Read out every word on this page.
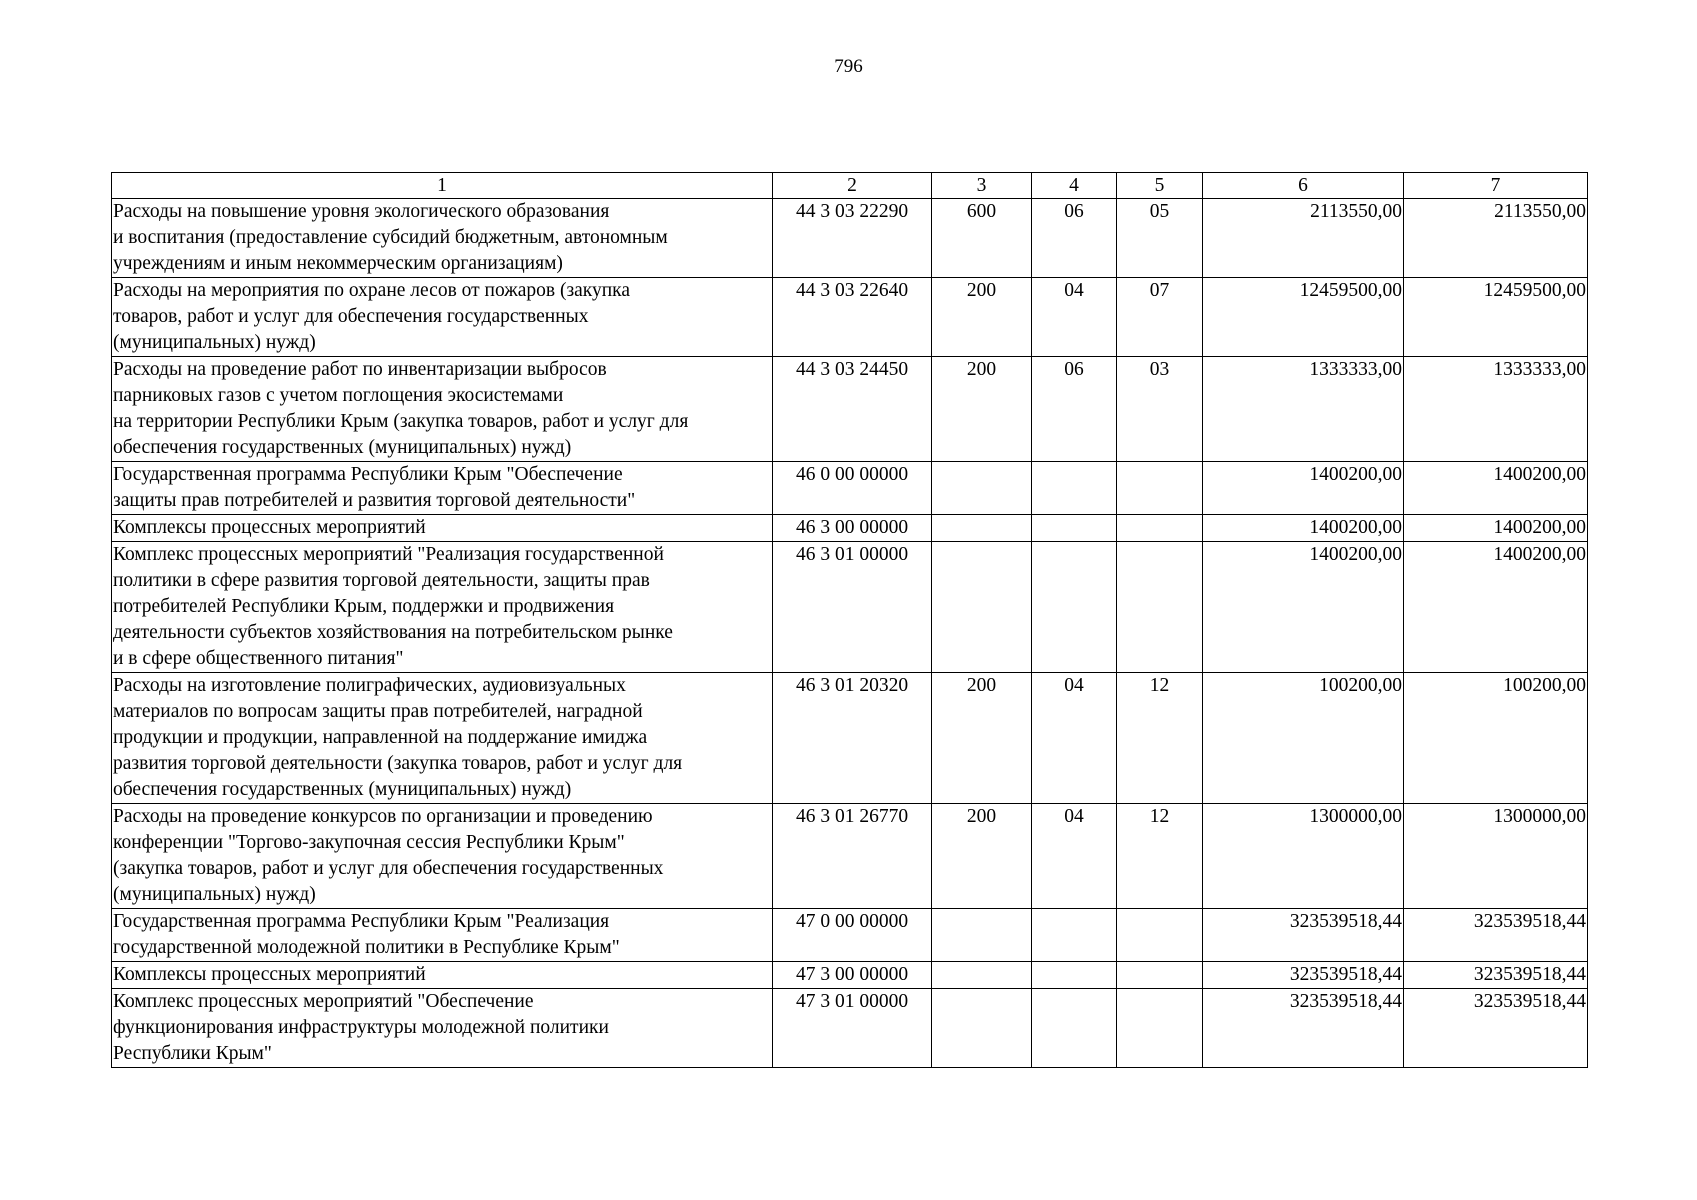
796
1	2	3	4	5	6	7
Расходы на повышение уровня экологического образования
и воспитания (предоставление субсидий бюджетным, автономным
учреждениям и иным некоммерческим организациям)	44 3 03 22290	600	06	05	2113550,00	2113550,00
Расходы на мероприятия по охране лесов от пожаров (закупка
товаров, работ и услуг для обеспечения государственных
(муниципальных) нужд)	44 3 03 22640	200	04	07	12459500,00	12459500,00
Расходы на проведение работ по инвентаризации выбросов
парниковых газов с учетом поглощения экосистемами
на территории Республики Крым (закупка товаров, работ и услуг для
обеспечения государственных (муниципальных) нужд)	44 3 03 24450	200	06	03	1333333,00	1333333,00
Государственная программа Республики Крым "Обеспечение
защиты прав потребителей и развития торговой деятельности"	46 0 00 00000				1400200,00	1400200,00
Комплексы процессных мероприятий	46 3 00 00000				1400200,00	1400200,00
Комплекс процессных мероприятий "Реализация государственной
политики в сфере развития торговой деятельности, защиты прав
потребителей Республики Крым, поддержки и продвижения
деятельности субъектов хозяйствования на потребительском рынке
и в сфере общественного питания"	46 3 01 00000				1400200,00	1400200,00
Расходы на изготовление полиграфических, аудиовизуальных
материалов по вопросам защиты прав потребителей, наградной
продукции и продукции, направленной на поддержание имиджа
развития торговой деятельности (закупка товаров, работ и услуг для
обеспечения государственных (муниципальных) нужд)	46 3 01 20320	200	04	12	100200,00	100200,00
Расходы на проведение конкурсов по организации и проведению
конференции "Торгово-закупочная сессия Республики Крым"
(закупка товаров, работ и услуг для обеспечения государственных
(муниципальных) нужд)	46 3 01 26770	200	04	12	1300000,00	1300000,00
Государственная программа Республики Крым "Реализация
государственной молодежной политики в Республике Крым"	47 0 00 00000				323539518,44	323539518,44
Комплексы процессных мероприятий	47 3 00 00000				323539518,44	323539518,44
Комплекс процессных мероприятий "Обеспечение
функционирования инфраструктуры молодежной политики
Республики Крым"	47 3 01 00000				323539518,44	323539518,44
